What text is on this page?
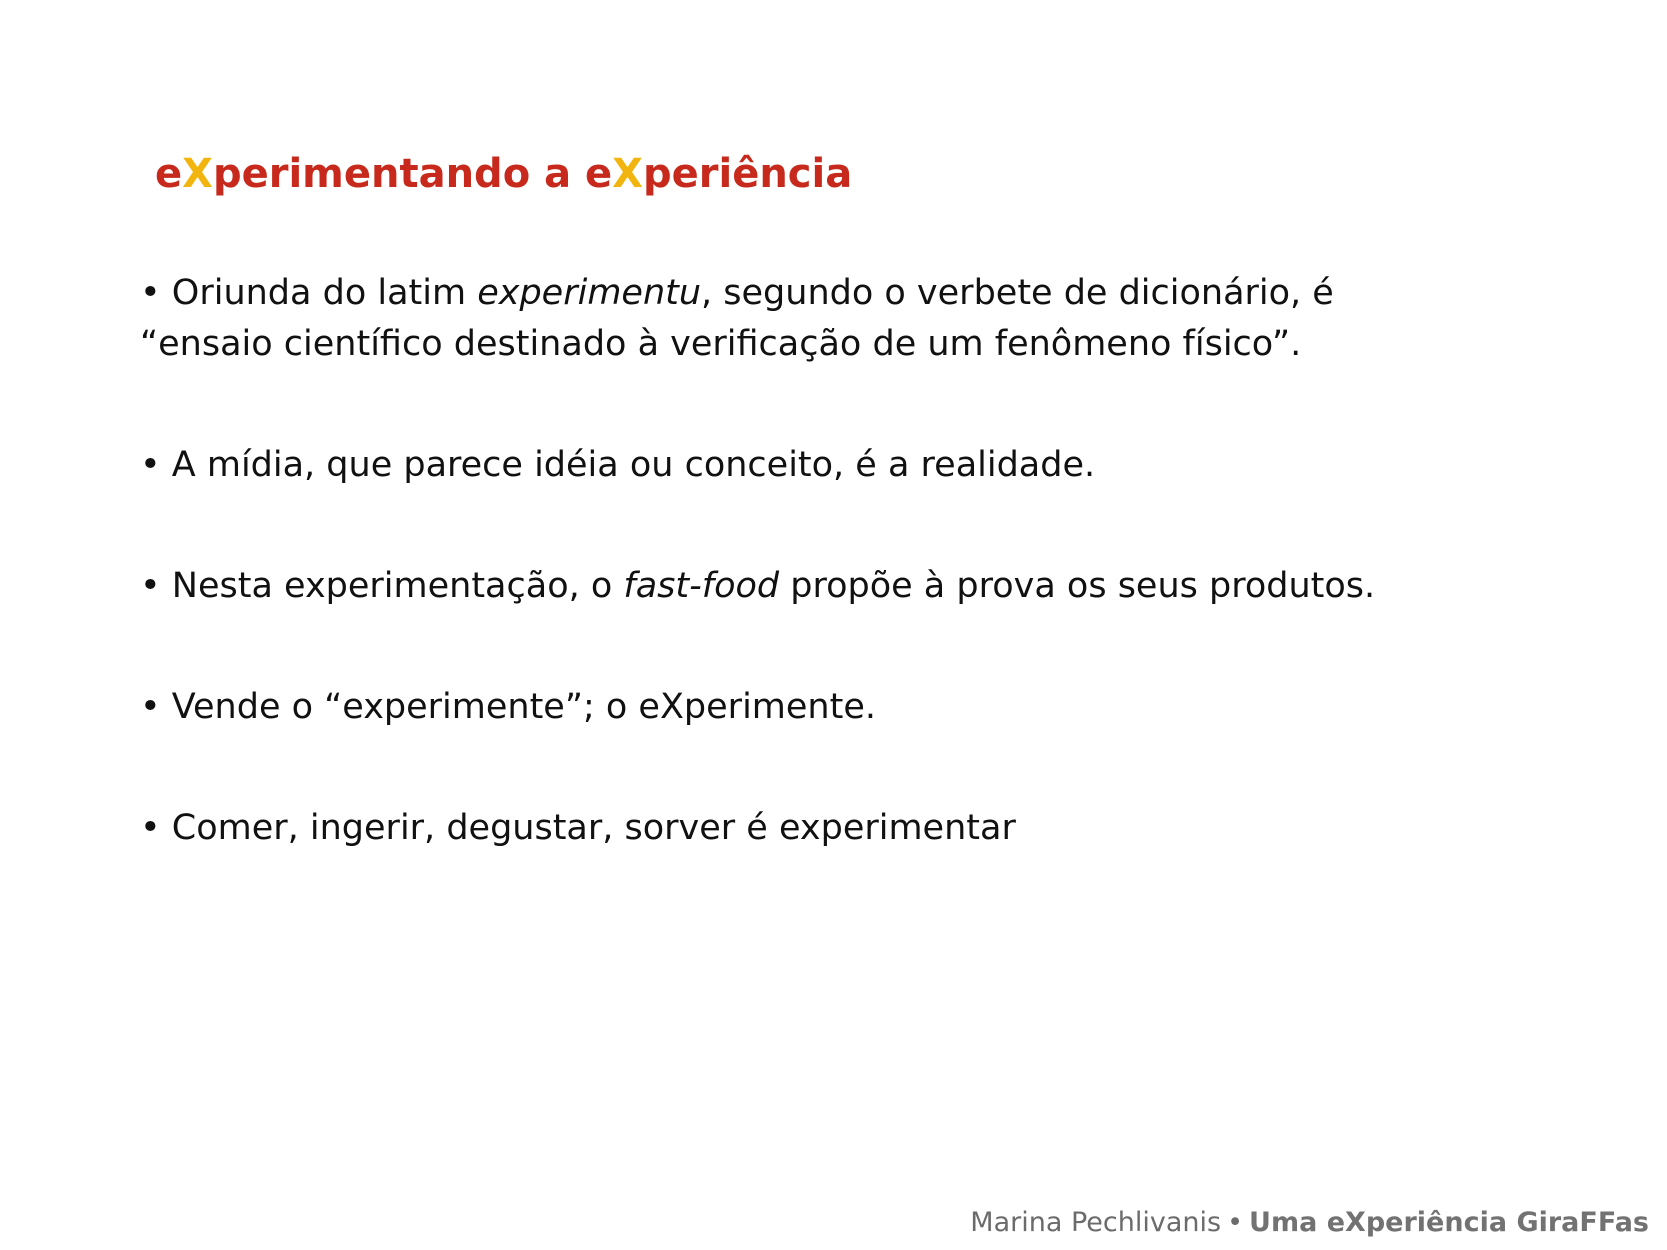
eXperimentando a eXperiência
• Oriunda do latim experimentu, segundo o verbete de dicionário, é “ensaio científico destinado à verificação de um fenômeno físico”.
• A mídia, que parece idéia ou conceito, é a realidade.
• Nesta experimentação, o fast-food propõe à prova os seus produtos.
• Vende o “experimente”; o eXperimente.
• Comer, ingerir, degustar, sorver é experimentar
Marina Pechlivanis • Uma eXperiência GiraFFas
